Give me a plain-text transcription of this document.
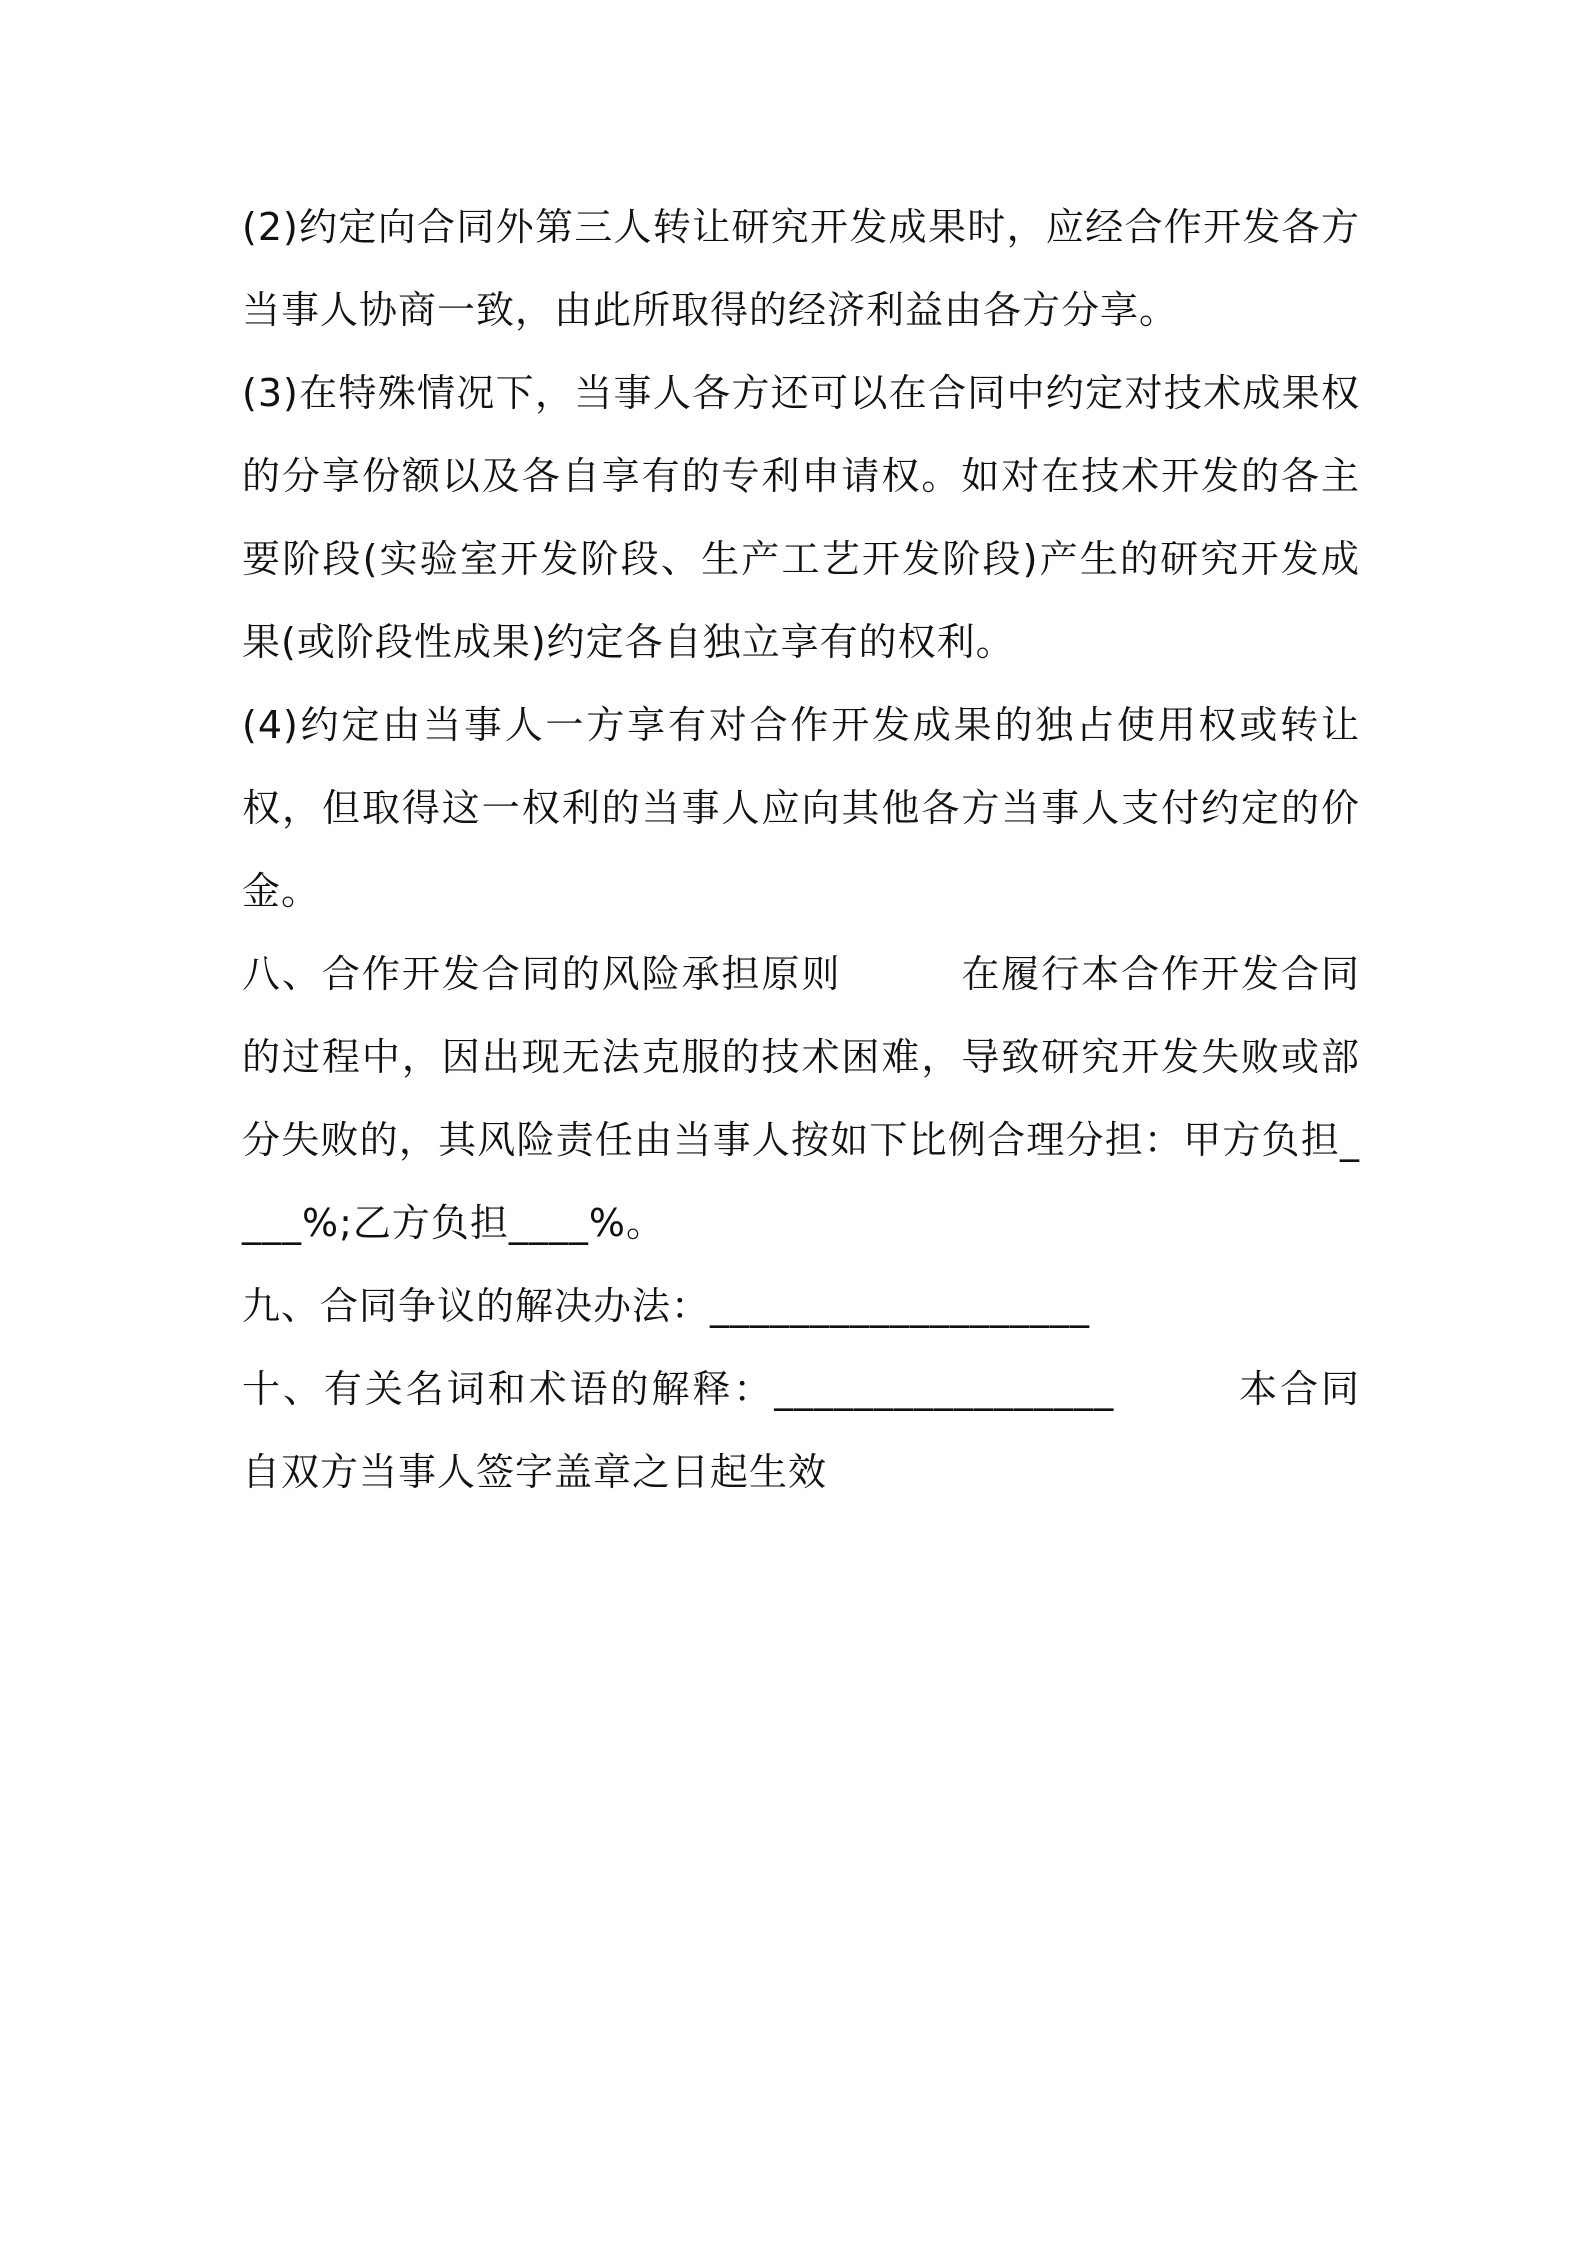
(2)约定向合同外第三人转让研究开发成果时，应经合作开发各方当事人协商一致，由此所取得的经济利益由各方分享。

(3)在特殊情况下，当事人各方还可以在合同中约定对技术成果权的分享份额以及各自享有的专利申请权。如对在技术开发的各主要阶段(实验室开发阶段、生产工艺开发阶段)产生的研究开发成果(或阶段性成果)约定各自独立享有的权利。

(4)约定由当事人一方享有对合作开发成果的独占使用权或转让权，但取得这一权利的当事人应向其他各方当事人支付约定的价金。

八、合作开发合同的风险承担原则　　　在履行本合作开发合同的过程中，因出现无法克服的技术困难，导致研究开发失败或部分失败的，其风险责任由当事人按如下比例合理分担：甲方负担____%;乙方负担____%。

九、合同争议的解决办法：___________________

十、有关名词和术语的解释：_________________　　　本合同自双方当事人签字盖章之日起生效
